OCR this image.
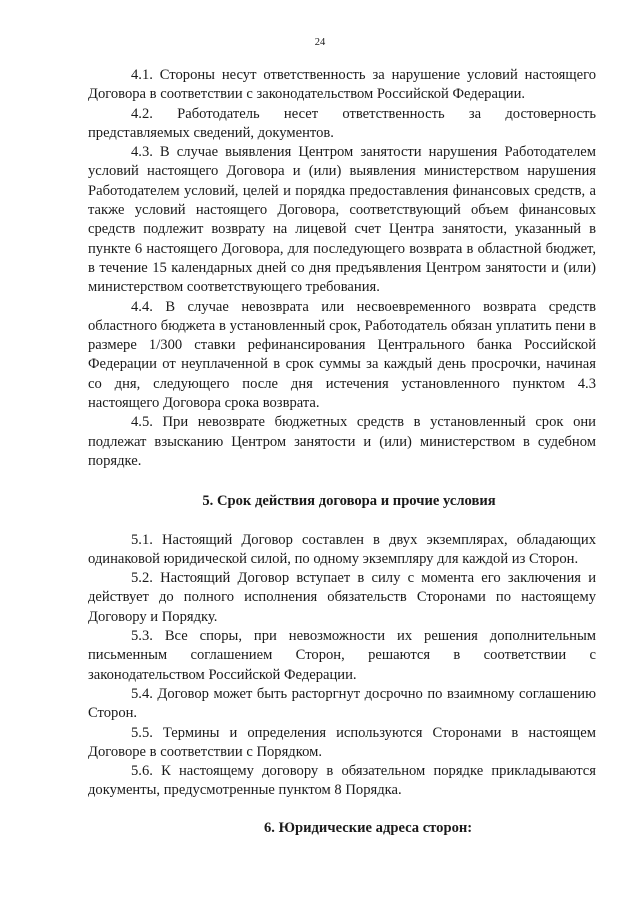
24

4.1. Стороны несут ответственность за нарушение условий настоящего Договора в соответствии с законодательством Российской Федерации.

4.2. Работодатель несет ответственность за достоверность представляемых сведений, документов.

4.3. В случае выявления Центром занятости нарушения Работодателем условий настоящего Договора и (или) выявления министерством нарушения Работодателем условий, целей и порядка предоставления финансовых средств, а также условий настоящего Договора, соответствующий объем финансовых средств подлежит возврату на лицевой счет Центра занятости, указанный в пункте 6 настоящего Договора, для последующего возврата в областной бюджет, в течение 15 календарных дней со дня предъявления Центром занятости и (или) министерством соответствующего требования.

4.4. В случае невозврата или несвоевременного возврата средств областного бюджета в установленный срок, Работодатель обязан уплатить пени в размере 1/300 ставки рефинансирования Центрального банка Российской Федерации от неуплаченной в срок суммы за каждый день просрочки, начиная со дня, следующего после дня истечения установленного пунктом 4.3 настоящего Договора срока возврата.

4.5. При невозврате бюджетных средств в установленный срок они подлежат взысканию Центром занятости и (или) министерством в судебном порядке.

5. Срок действия договора и прочие условия

5.1. Настоящий Договор составлен в двух экземплярах, обладающих одинаковой юридической силой, по одному экземпляру для каждой из Сторон.

5.2. Настоящий Договор вступает в силу с момента его заключения и действует до полного исполнения обязательств Сторонами по настоящему Договору и Порядку.

5.3. Все споры, при невозможности их решения дополнительным письменным соглашением Сторон, решаются в соответствии с законодательством Российской Федерации.

5.4. Договор может быть расторгнут досрочно по взаимному соглашению Сторон.

5.5. Термины и определения используются Сторонами в настоящем Договоре в соответствии с Порядком.

5.6. К настоящему договору в обязательном порядке прикладываются документы, предусмотренные пунктом 8 Порядка.

6. Юридические адреса сторон:
